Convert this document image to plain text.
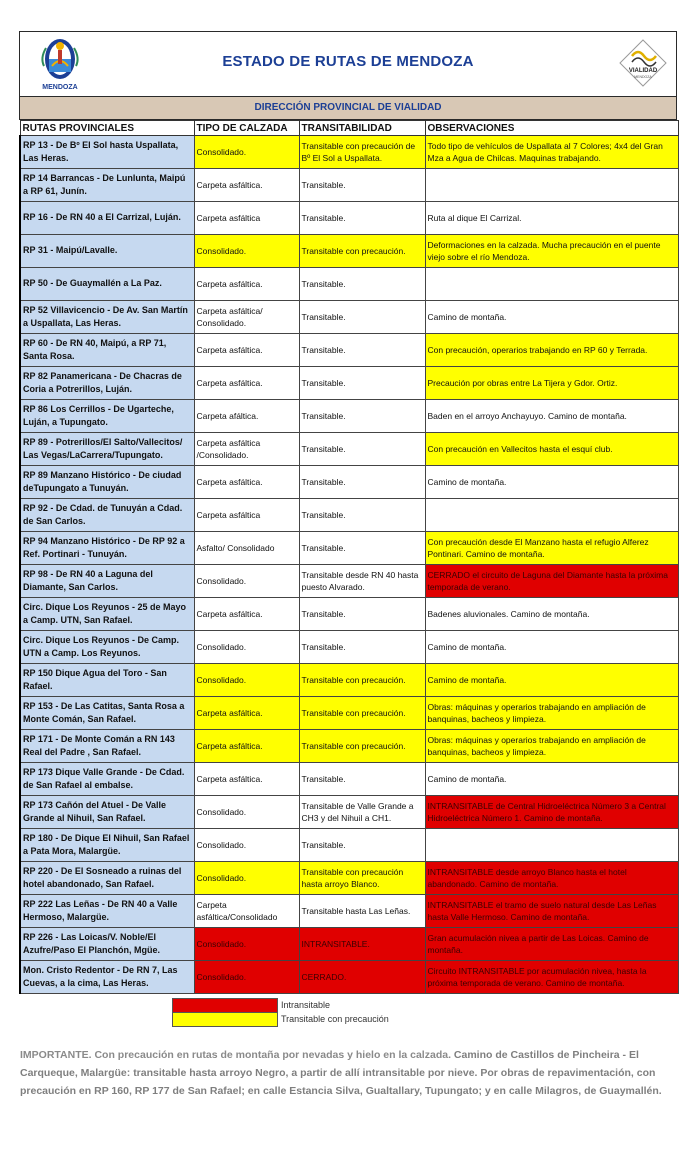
MENDOZA
ESTADO DE RUTAS DE MENDOZA
VIALIDAD
MENDOZA
DIRECCIÓN PROVINCIAL DE VIALIDAD
RUTAS PROVINCIALES	TIPO DE CALZADA	TRANSITABILIDAD	OBSERVACIONES
RP 13 - De Bº El Sol hasta Uspallata, Las Heras.	Consolidado.	Transitable con precaución de Bº El Sol a Uspallata.	Todo tipo de vehículos de Uspallata al 7 Colores; 4x4 del Gran Mza a Agua de Chilcas. Maquinas trabajando.
RP 14 Barrancas - De Lunlunta, Maipú a RP 61, Junín.	Carpeta asfáltica.	Transitable.	
RP 16 - De RN 40 a El Carrizal, Luján.	Carpeta asfáltica	Transitable.	Ruta al dique El Carrizal.
RP 31 - Maipú/Lavalle.	Consolidado.	Transitable con precaución.	Deformaciones en la calzada. Mucha precaución en el puente viejo sobre el río Mendoza.
RP 50 - De Guaymallén a La Paz.	Carpeta asfáltica.	Transitable.	
RP 52 Villavicencio - De Av. San Martín a Uspallata, Las Heras.	Carpeta asfáltica/ Consolidado.	Transitable.	Camino de montaña.
RP 60 - De RN 40, Maipú, a RP 71, Santa Rosa.	Carpeta asfáltica.	Transitable.	Con precaución, operarios trabajando en RP 60 y Terrada.
RP 82 Panamericana - De Chacras de Coria a Potrerillos, Luján.	Carpeta asfáltica.	Transitable.	Precaución por obras entre La Tijera y Gdor. Ortiz.
RP 86 Los Cerrillos - De Ugarteche, Luján, a Tupungato.	Carpeta afáltica.	Transitable.	Baden en el arroyo Anchayuyo. Camino de montaña.
RP 89 - Potrerillos/El Salto/Vallecitos/ Las Vegas/LaCarrera/Tupungato.	Carpeta asfáltica /Consolidado.	Transitable.	Con precaución en Vallecitos hasta el esquí club.
RP 89 Manzano Histórico - De ciudad deTupungato a Tunuyán.	Carpeta asfáltica.	Transitable.	Camino de montaña.
RP 92 - De Cdad. de Tunuyán a Cdad. de San Carlos.	Carpeta asfáltica	Transitable.	
RP 94 Manzano Histórico - De RP 92 a Ref. Portinari - Tunuyán.	Asfalto/ Consolidado	Transitable.	Con precaución desde El Manzano hasta el refugio Alferez Pontinari. Camino de montaña.
RP 98 - De RN 40 a Laguna del Diamante, San Carlos.	Consolidado.	Transitable desde RN 40 hasta puesto Alvarado.	CERRADO el circuito de Laguna del Diamante hasta la próxima temporada de verano.
Circ. Dique Los Reyunos - 25 de Mayo a Camp. UTN, San Rafael.	Carpeta asfáltica.	Transitable.	Badenes aluvionales. Camino de montaña.
Circ. Dique Los Reyunos - De Camp. UTN a Camp. Los Reyunos.	Consolidado.	Transitable.	Camino de montaña.
RP 150 Dique Agua del Toro - San Rafael.	Consolidado.	Transitable con precaución.	Camino de montaña.
RP 153 - De Las Catitas, Santa Rosa a Monte Comán, San Rafael.	Carpeta asfáltica.	Transitable con precaución.	Obras: máquinas y operarios trabajando en ampliación de banquinas, bacheos y limpieza.
RP 171 - De Monte Comán a RN 143 Real del Padre , San Rafael.	Carpeta asfáltica.	Transitable con precaución.	Obras: máquinas y operarios trabajando en ampliación de banquinas, bacheos y limpieza.
RP 173 Dique Valle Grande - De Cdad. de San Rafael al embalse.	Carpeta asfáltica.	Transitable.	Camino de montaña.
RP 173 Cañón del Atuel - De Valle Grande al Nihuil, San Rafael.	Consolidado.	Transitable de Valle Grande a CH3 y del Nihuil a CH1.	INTRANSITABLE de Central Hidroeléctrica Número 3 a Central Hidroeléctrica Número 1. Camino de montaña.
RP 180 - De Dique El Nihuil, San Rafael a Pata Mora, Malargüe.	Consolidado.	Transitable.	
RP 220 - De El Sosneado a ruinas del hotel abandonado, San Rafael.	Consolidado.	Transitable con precaución hasta arroyo Blanco.	INTRANSITABLE desde arroyo Blanco hasta el hotel abandonado. Camino de montaña.
RP 222 Las Leñas - De RN 40 a Valle Hermoso, Malargüe.	Carpeta asfáltica/Consolidado	Transitable hasta Las Leñas.	INTRANSITABLE el tramo de suelo natural desde Las Leñas hasta Valle Hermoso. Camino de montaña.
RP 226 - Las Loicas/V. Noble/El Azufre/Paso El Planchón, Mgüe.	Consolidado.	INTRANSITABLE.	Gran acumulación nivea a partir de Las Loicas. Camino de montaña.
Mon. Cristo Redentor - De RN 7, Las Cuevas, a la cima, Las Heras.	Consolidado.	CERRADO.	Circuito INTRANSITABLE por acumulación nivea, hasta la próxima temporada de verano. Camino de montaña.
Intransitable
Transitable con precaución
IMPORTANTE. Con precaución en rutas de montaña por nevadas y hielo en la calzada. Camino de Castillos de Pincheira - El Carqueque, Malargüe: transitable hasta arroyo Negro, a partir de allí intransitable por nieve. Por obras de repavimentación, con precaución en RP 160, RP 177 de San Rafael; en calle Estancia Silva, Gualtallary, Tupungato; y en calle Milagros, de Guaymallén.
